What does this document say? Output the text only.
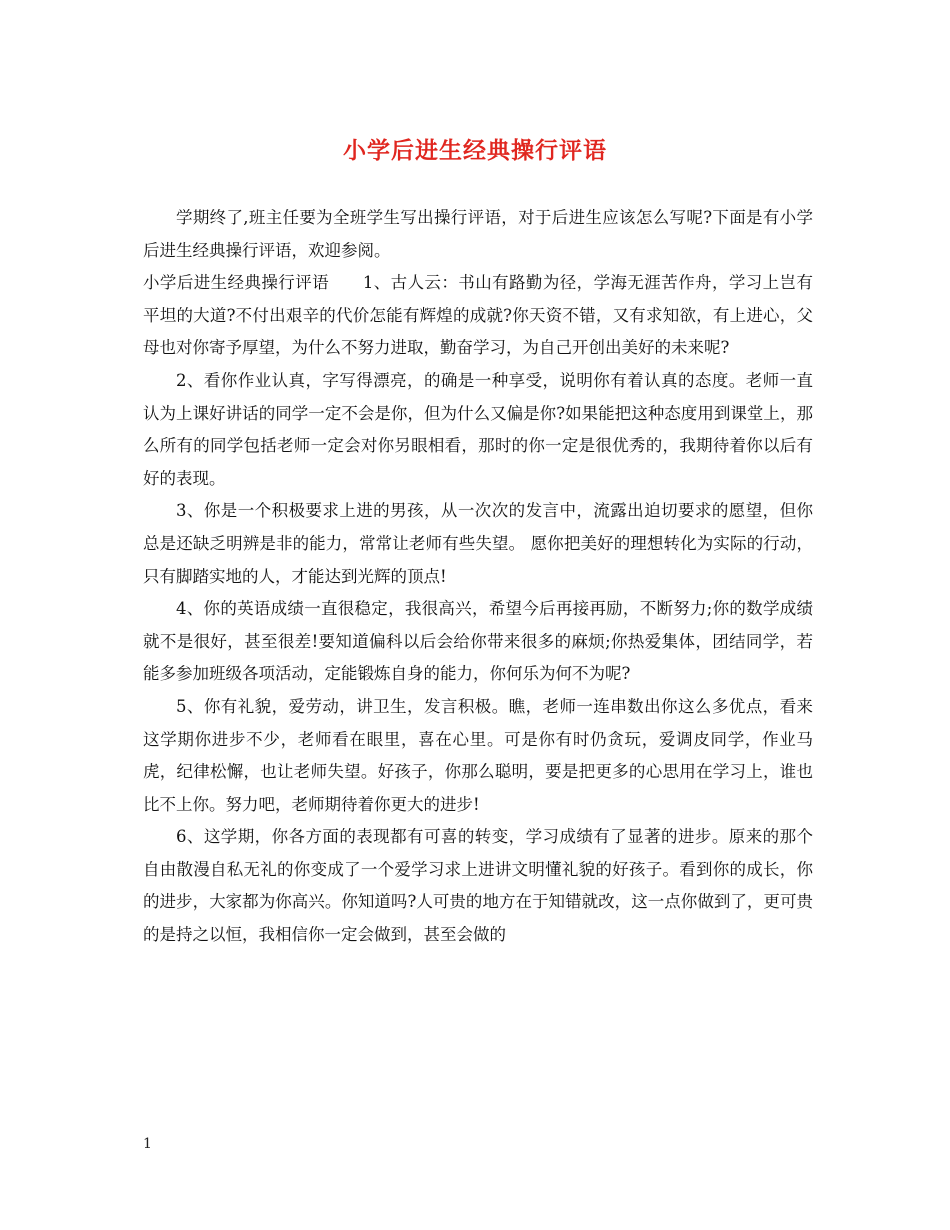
小学后进生经典操行评语

学期终了,班主任要为全班学生写出操行评语，对于后进生应该怎么写呢?下面是有小学后进生经典操行评语，欢迎参阅。

小学后进生经典操行评语　　1、古人云：书山有路勤为径，学海无涯苦作舟，学习上岂有平坦的大道?不付出艰辛的代价怎能有辉煌的成就?你天资不错，又有求知欲，有上进心，父母也对你寄予厚望，为什么不努力进取，勤奋学习，为自己开创出美好的未来呢?

2、看你作业认真，字写得漂亮，的确是一种享受，说明你有着认真的态度。老师一直认为上课好讲话的同学一定不会是你，但为什么又偏是你?如果能把这种态度用到课堂上，那么所有的同学包括老师一定会对你另眼相看，那时的你一定是很优秀的，我期待着你以后有好的表现。

3、你是一个积极要求上进的男孩，从一次次的发言中，流露出迫切要求的愿望，但你总是还缺乏明辨是非的能力，常常让老师有些失望。 愿你把美好的理想转化为实际的行动，只有脚踏实地的人，才能达到光辉的顶点!

4、你的英语成绩一直很稳定，我很高兴，希望今后再接再励，不断努力;你的数学成绩就不是很好，甚至很差!要知道偏科以后会给你带来很多的麻烦;你热爱集体，团结同学，若能多参加班级各项活动，定能锻炼自身的能力，你何乐为何不为呢?

5、你有礼貌，爱劳动，讲卫生，发言积极。瞧，老师一连串数出你这么多优点，看来这学期你进步不少，老师看在眼里，喜在心里。可是你有时仍贪玩，爱调皮同学，作业马虎，纪律松懈，也让老师失望。好孩子，你那么聪明，要是把更多的心思用在学习上，谁也比不上你。努力吧，老师期待着你更大的进步!

6、这学期，你各方面的表现都有可喜的转变，学习成绩有了显著的进步。原来的那个自由散漫自私无礼的你变成了一个爱学习求上进讲文明懂礼貌的好孩子。看到你的成长，你的进步，大家都为你高兴。你知道吗?人可贵的地方在于知错就改，这一点你做到了，更可贵的是持之以恒，我相信你一定会做到，甚至会做的

1
